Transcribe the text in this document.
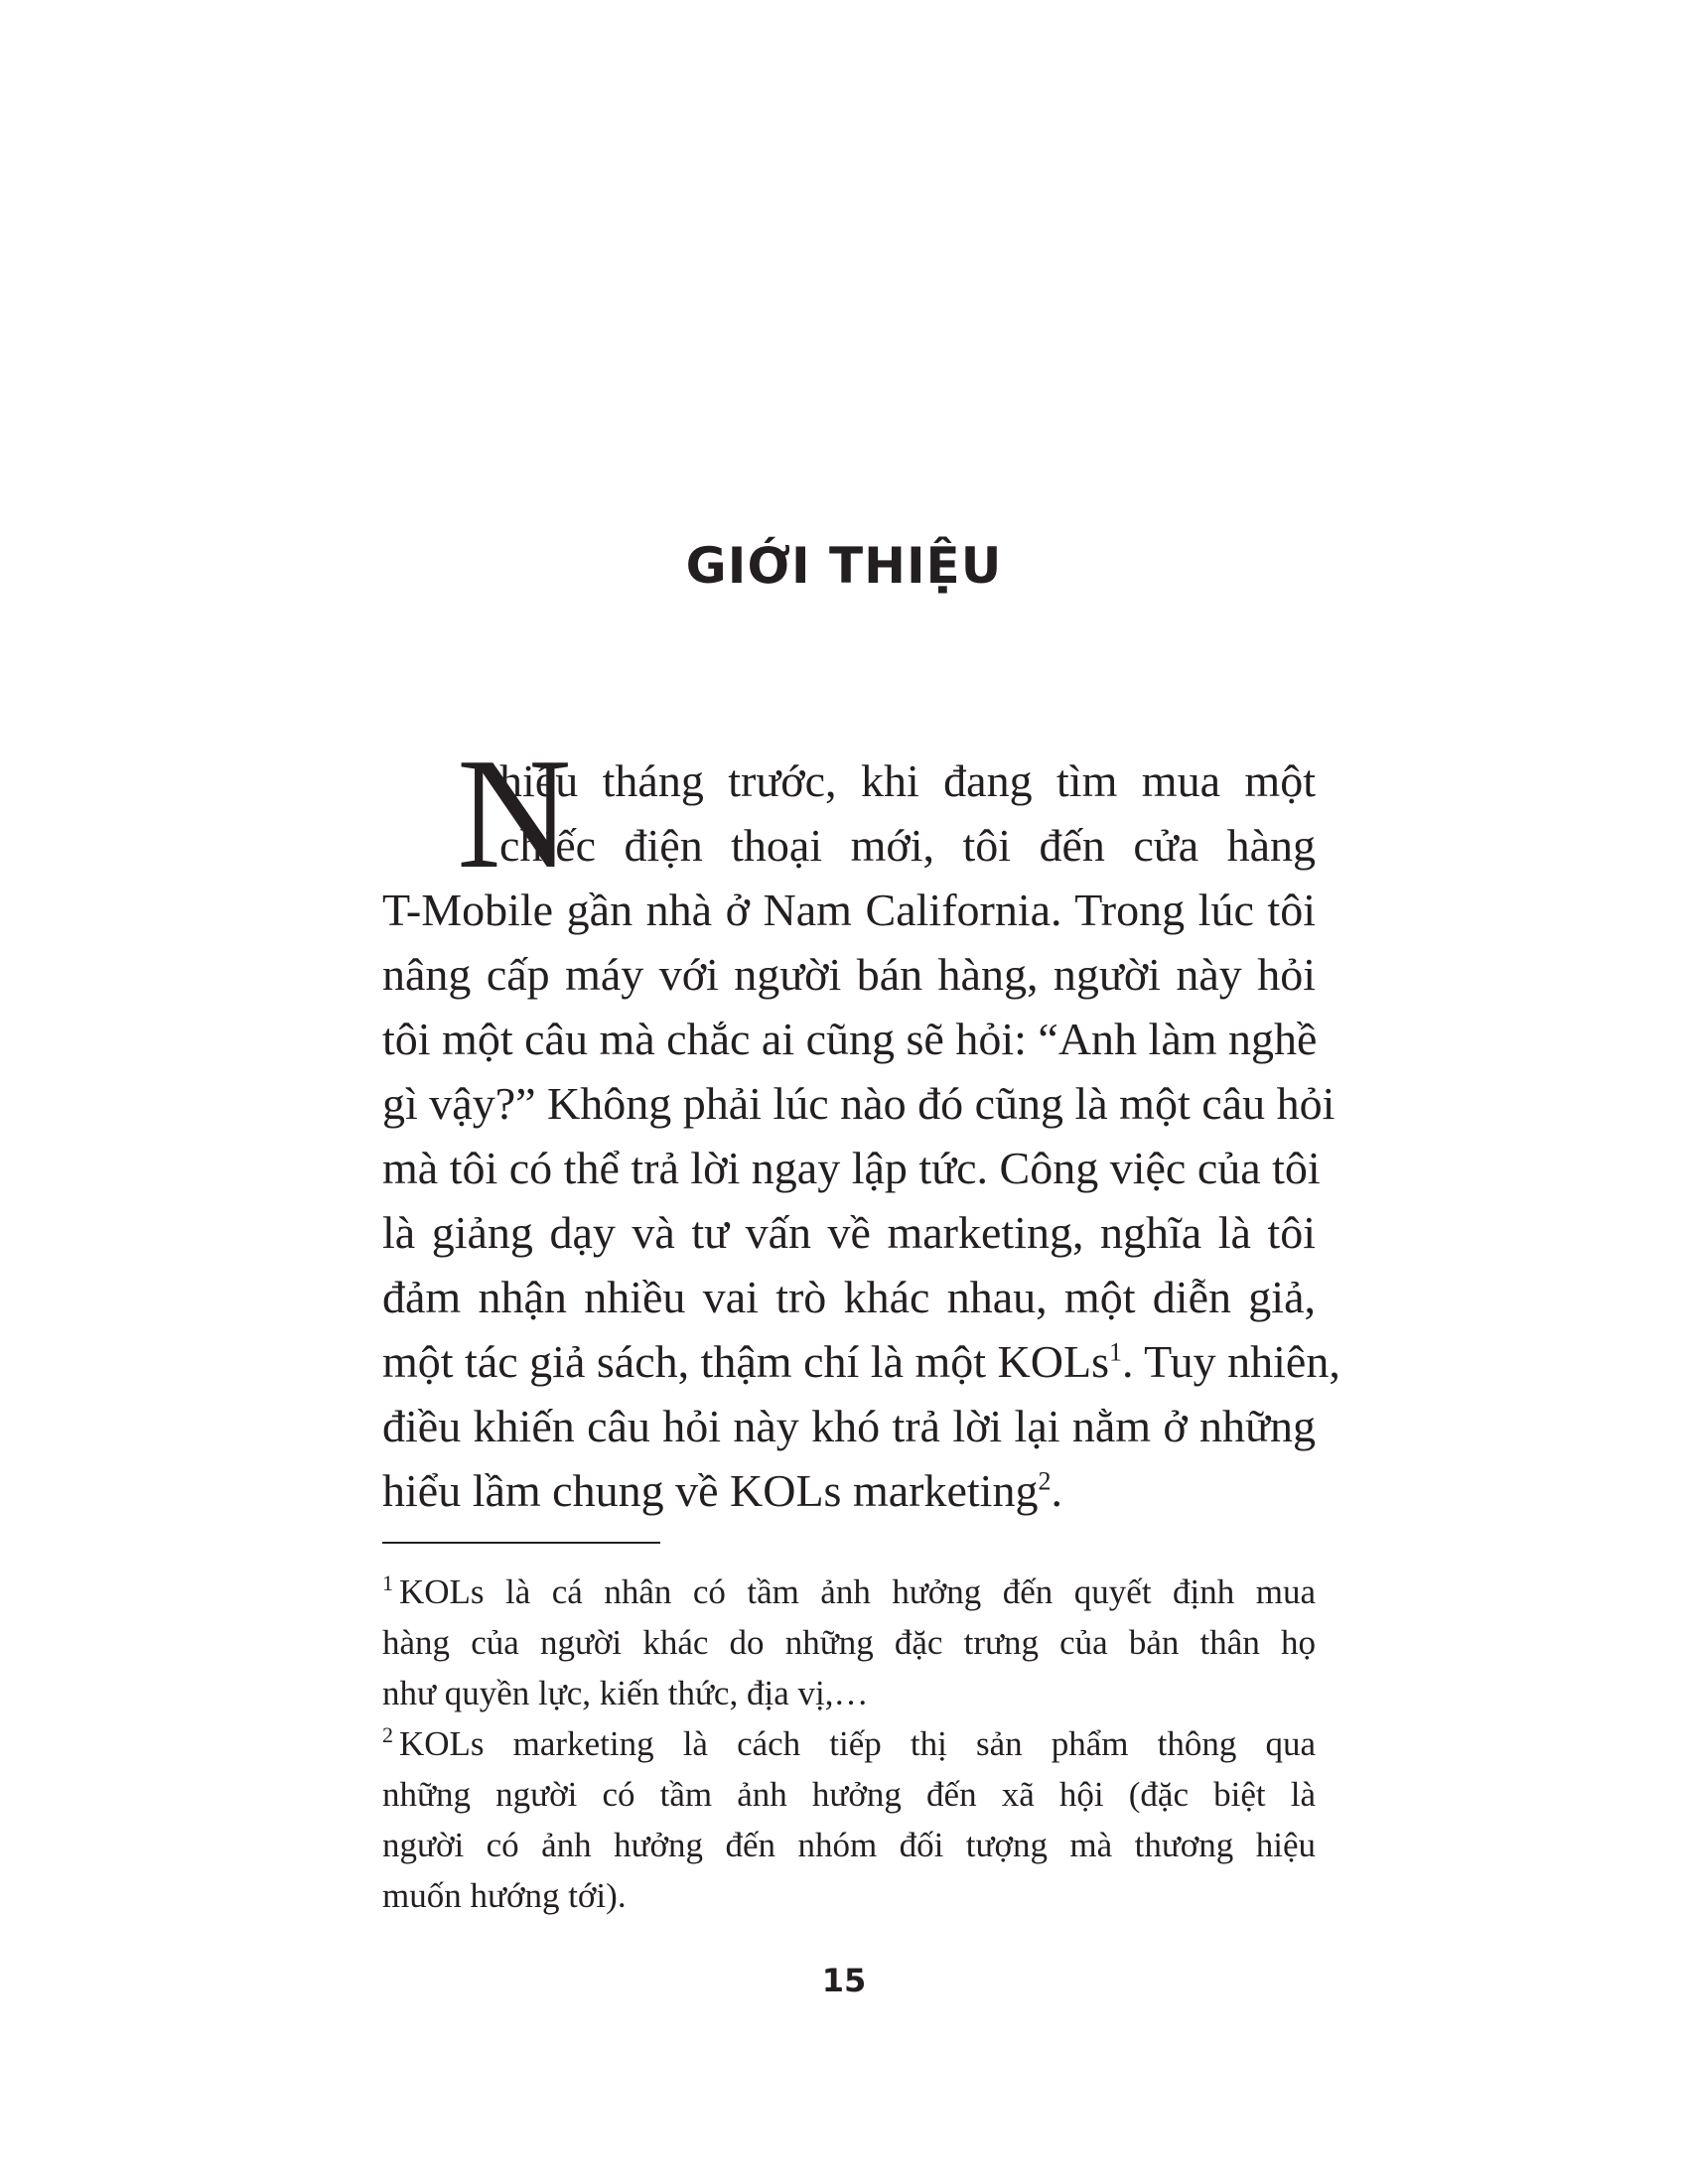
GIỚI THIỆU
N
hiều tháng trước, khi đang tìm mua một
chiếc điện thoại mới, tôi đến cửa hàng
T-Mobile gần nhà ở Nam California. Trong lúc tôi
nâng cấp máy với người bán hàng, người này hỏi
tôi một câu mà chắc ai cũng sẽ hỏi: “Anh làm nghề
gì vậy?” Không phải lúc nào đó cũng là một câu hỏi
mà tôi có thể trả lời ngay lập tức. Công việc của tôi
là giảng dạy và tư vấn về marketing, nghĩa là tôi
đảm nhận nhiều vai trò khác nhau, một diễn giả,
một tác giả sách, thậm chí là một KOLs$^1$. Tuy nhiên,
điều khiến câu hỏi này khó trả lời lại nằm ở những
hiểu lầm chung về KOLs marketing$^2$.
$^1$ KOLs là cá nhân có tầm ảnh hưởng đến quyết định mua
hàng của người khác do những đặc trưng của bản thân họ
như quyền lực, kiến thức, địa vị,…
$^2$ KOLs marketing là cách tiếp thị sản phẩm thông qua
những người có tầm ảnh hưởng đến xã hội (đặc biệt là
người có ảnh hưởng đến nhóm đối tượng mà thương hiệu
muốn hướng tới).
15
